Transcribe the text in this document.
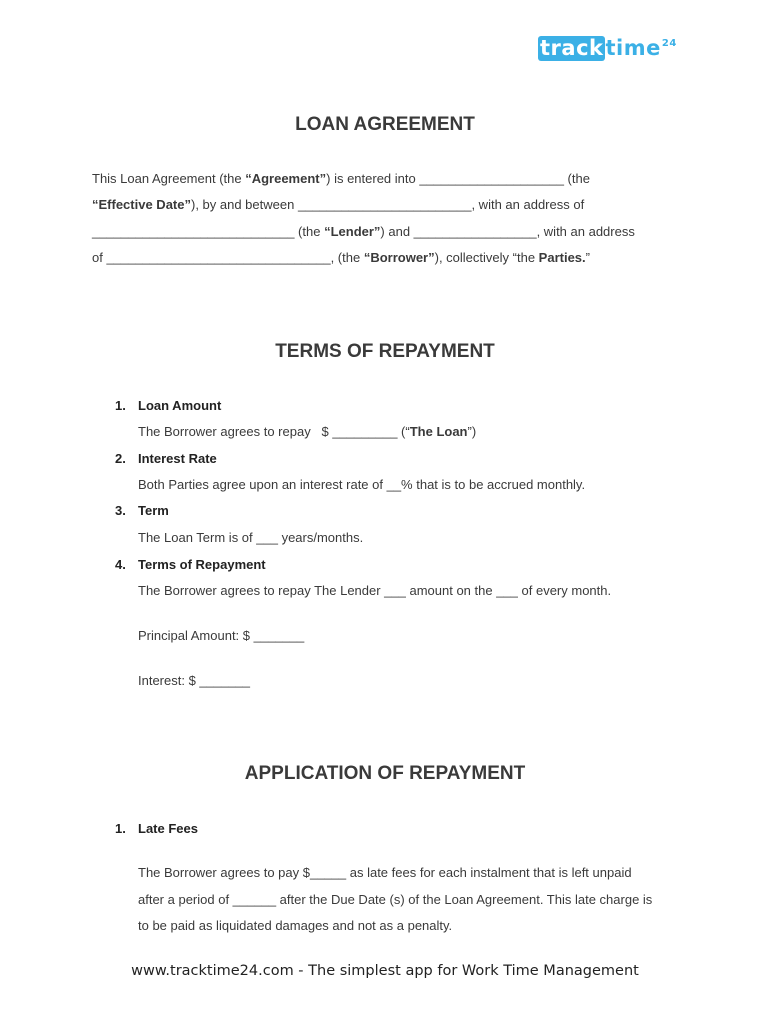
tracktime$^{24}$
LOAN AGREEMENT
This Loan Agreement (the “Agreement”) is entered into ____________________ (the
“Effective Date”), by and between ________________________, with an address of
____________________________ (the “Lender”) and _________________, with an address
of _______________________________, (the “Borrower”), collectively “the Parties.”
TERMS OF REPAYMENT
1. Loan Amount
The Borrower agrees to repay   $ _________ (“The Loan”)
2. Interest Rate
Both Parties agree upon an interest rate of __% that is to be accrued monthly.
3. Term
The Loan Term is of ___ years/months.
4. Terms of Repayment
The Borrower agrees to repay The Lender ___ amount on the ___ of every month.
Principal Amount: $ _______
Interest: $ _______
APPLICATION OF REPAYMENT
1. Late Fees
The Borrower agrees to pay $_____ as late fees for each instalment that is left unpaid
after a period of ______ after the Due Date (s) of the Loan Agreement. This late charge is
to be paid as liquidated damages and not as a penalty.
www.tracktime24.com - The simplest app for Work Time Management
